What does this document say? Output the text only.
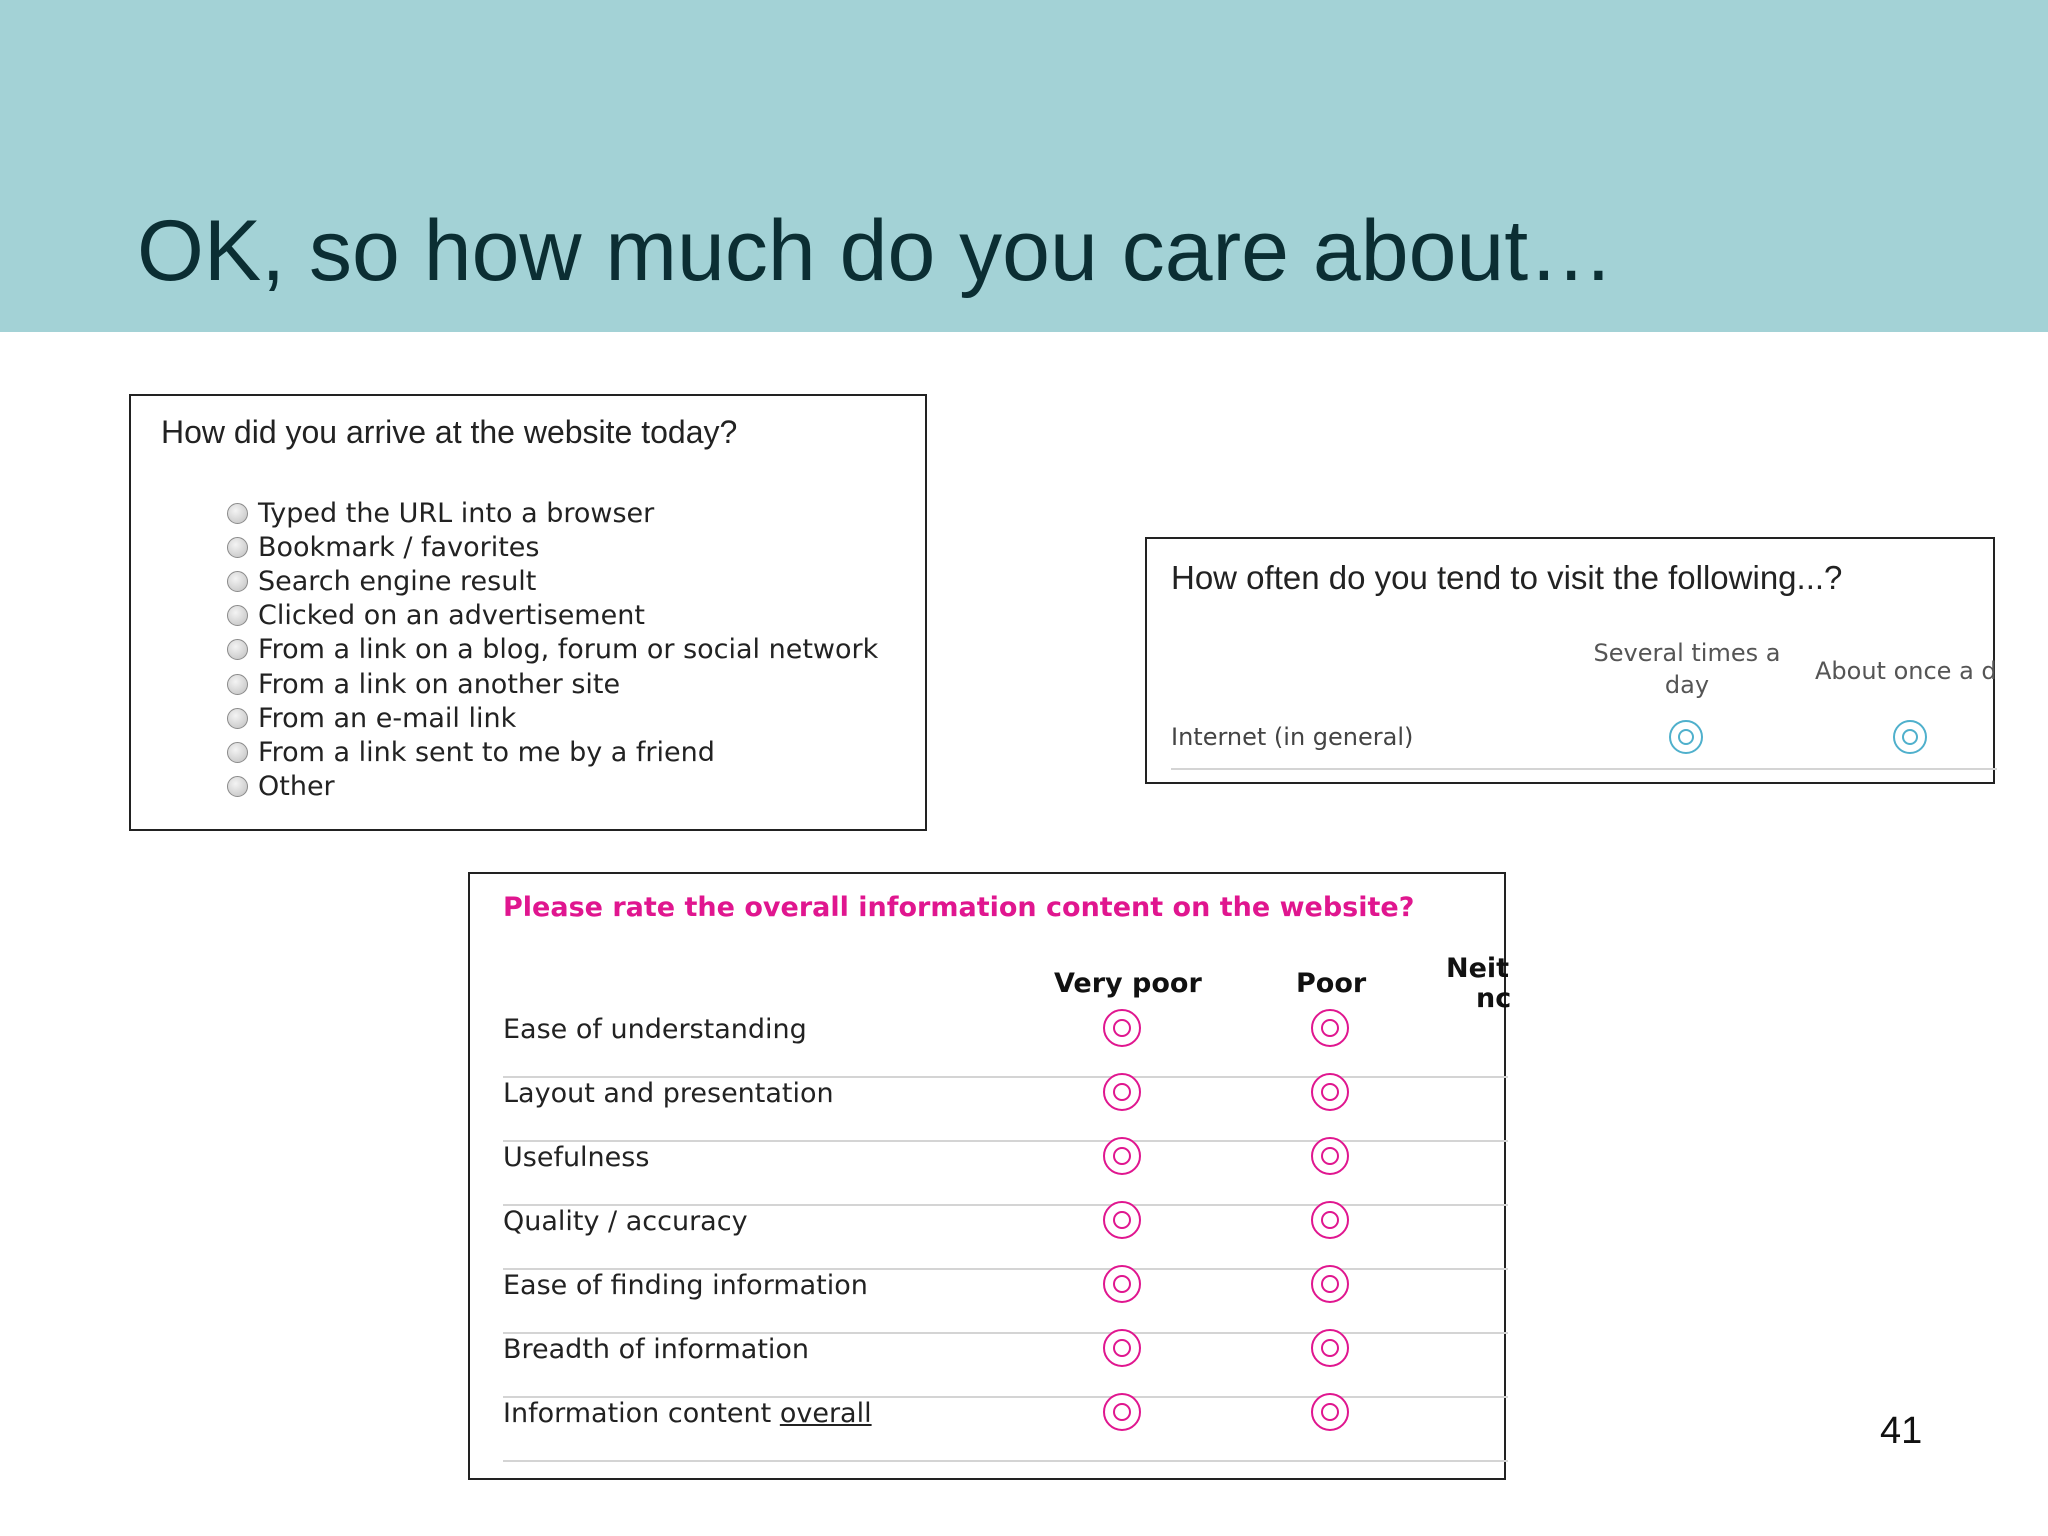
OK, so how much do you care about…
How did you arrive at the website today?
Typed the URL into a browser
Bookmark / favorites
Search engine result
Clicked on an advertisement
From a link on a blog, forum or social network
From a link on another site
From an e-mail link
From a link sent to me by a friend
Other
How often do you tend to visit the following...?
Several times a day	About once a d
Internet (in general)
Please rate the overall information content on the website?
Very poor	Poor	Neit
nc
Ease of understanding
Layout and presentation
Usefulness
Quality / accuracy
Ease of finding information
Breadth of information
Information content overall	41
